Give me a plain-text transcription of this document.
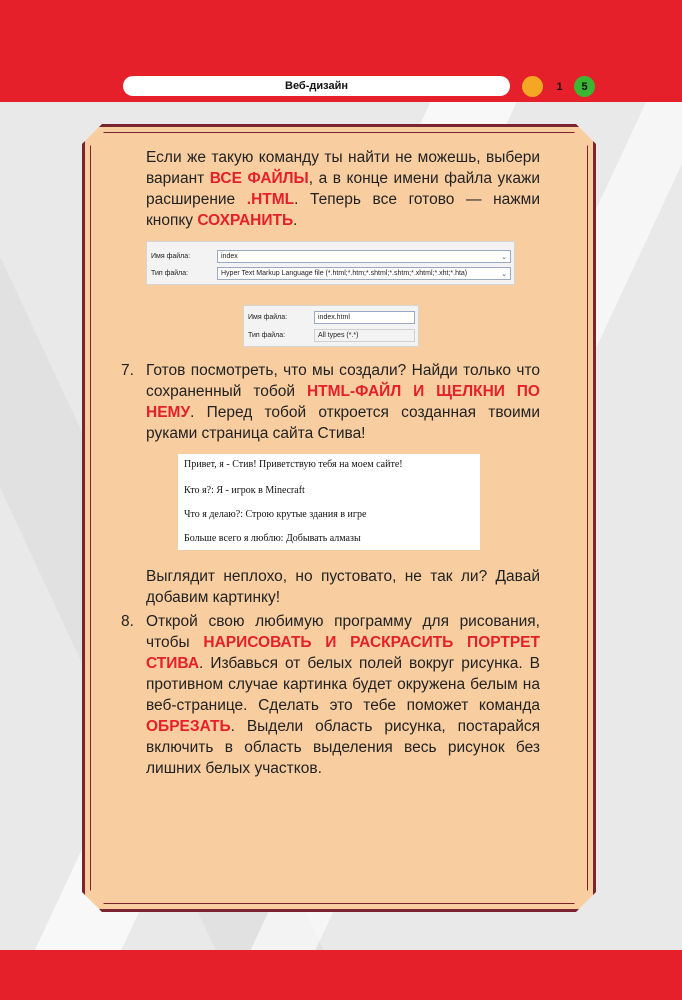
Веб-дизайн	1	5
Если же такую команду ты найти не можешь, выбери вариант ВСЕ ФАЙЛЫ, а в конце имени файла укажи расширение .HTML. Теперь все готово — нажми кнопку СОХРАНИТЬ.
Имя файла:	index	⌄
Тип файла:	Hyper Text Markup Language file (*.html;*.htm;*.shtml;*.shtm;*.xhtml;*.xht;*.hta)	⌄
Имя файла:	index.html
Тип файла:	All types (*.*)
7. Готов посмотреть, что мы создали? Найди только что сохраненный тобой HTML-ФАЙЛ И ЩЕЛКНИ ПО НЕМУ. Перед тобой откроется созданная твоими руками страница сайта Стива!
Привет, я - Стив! Приветствую тебя на моем сайте!
Кто я?: Я - игрок в Minecraft
Что я делаю?: Строю крутые здания в игре
Больше всего я люблю: Добывать алмазы
Выглядит неплохо, но пустовато, не так ли? Давай добавим картинку!
8. Открой свою любимую программу для рисования, чтобы НАРИСОВАТЬ И РАСКРАСИТЬ ПОРТРЕТ СТИВА. Избавься от белых полей вокруг рисунка. В противном случае картинка будет окружена белым на веб-странице. Сделать это тебе поможет команда ОБРЕЗАТЬ. Выдели область рисунка, постарайся включить в область выделения весь рисунок без лишних белых участков.
